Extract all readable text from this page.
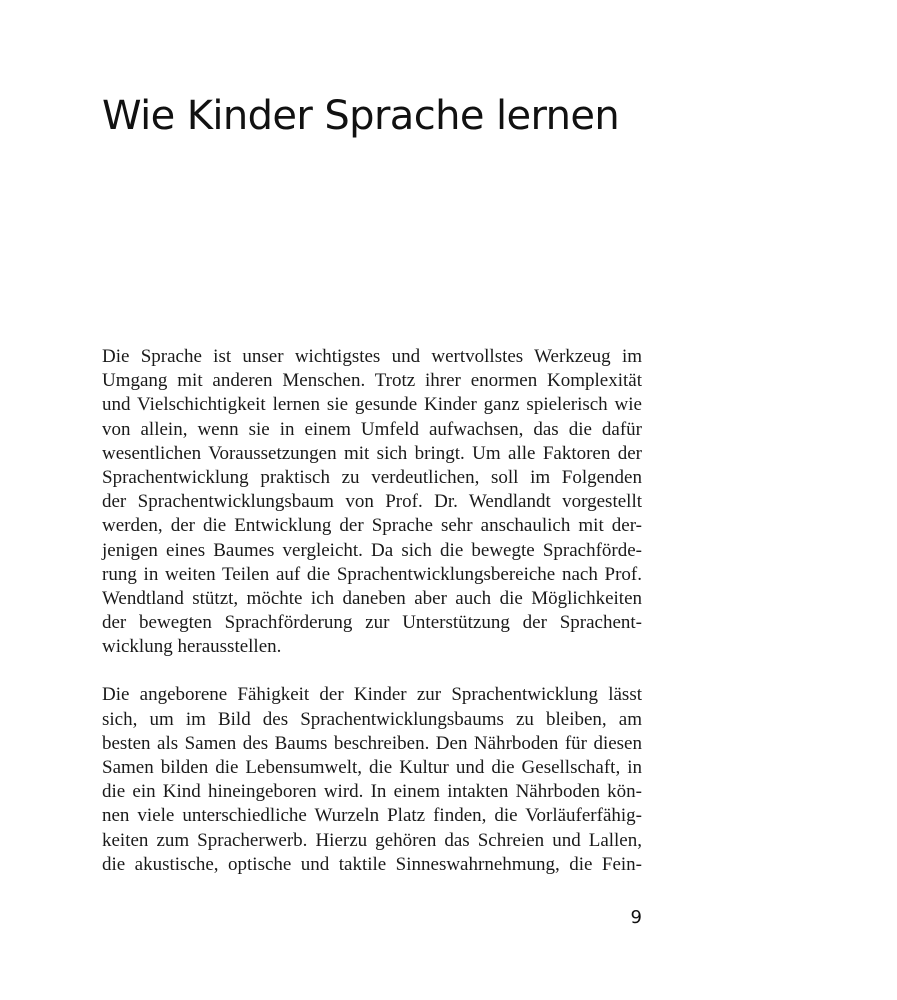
Wie Kinder Sprache lernen

Die Sprache ist unser wichtigstes und wertvollstes Werkzeug im
Umgang mit anderen Menschen. Trotz ihrer enormen Komplexität
und Vielschichtigkeit lernen sie gesunde Kinder ganz spielerisch wie
von allein, wenn sie in einem Umfeld aufwachsen, das die dafür
wesentlichen Voraussetzungen mit sich bringt. Um alle Faktoren der
Sprachentwicklung praktisch zu verdeutlichen, soll im Folgenden
der Sprachentwicklungsbaum von Prof. Dr. Wendlandt vorgestellt
werden, der die Entwicklung der Sprache sehr anschaulich mit der-
jenigen eines Baumes vergleicht. Da sich die bewegte Sprachförde-
rung in weiten Teilen auf die Sprachentwicklungsbereiche nach Prof.
Wendtland stützt, möchte ich daneben aber auch die Möglichkeiten
der bewegten Sprachförderung zur Unterstützung der Sprachent-
wicklung herausstellen.

Die angeborene Fähigkeit der Kinder zur Sprachentwicklung lässt
sich, um im Bild des Sprachentwicklungsbaums zu bleiben, am
besten als Samen des Baums beschreiben. Den Nährboden für diesen
Samen bilden die Lebensumwelt, die Kultur und die Gesellschaft, in
die ein Kind hineingeboren wird. In einem intakten Nährboden kön-
nen viele unterschiedliche Wurzeln Platz finden, die Vorläuferfähig-
keiten zum Spracherwerb. Hierzu gehören das Schreien und Lallen,
die akustische, optische und taktile Sinneswahrnehmung, die Fein-

9
